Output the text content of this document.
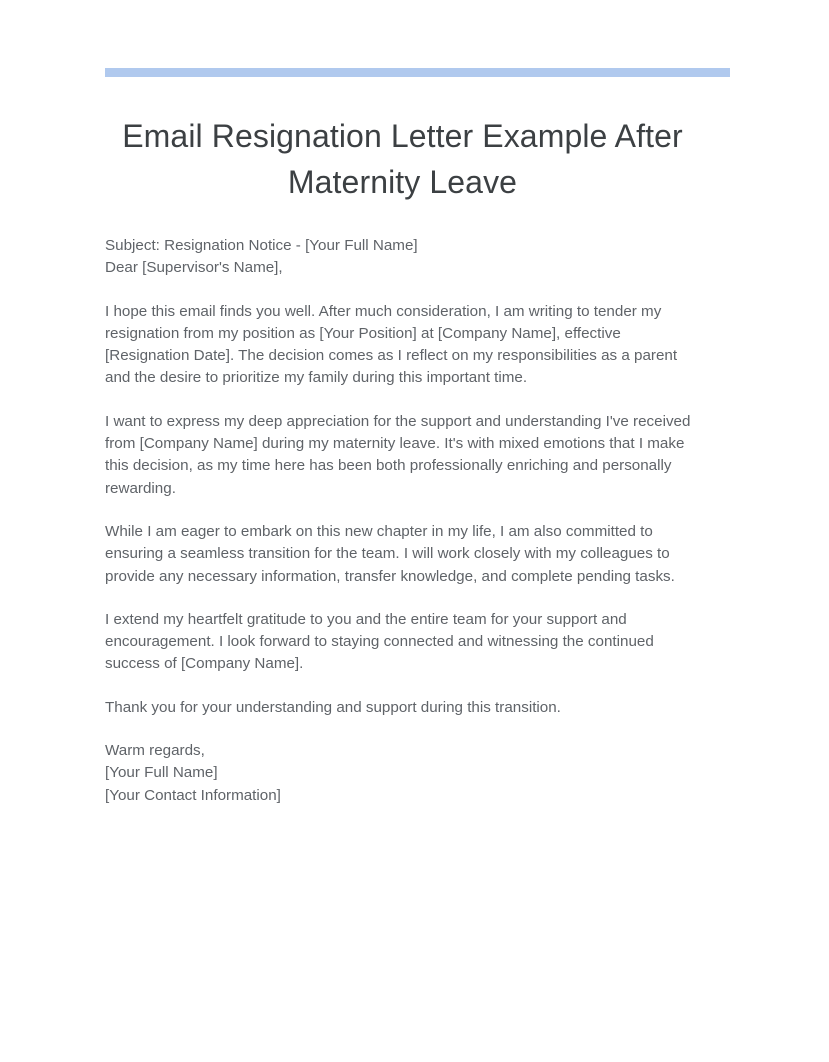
Email Resignation Letter Example After Maternity Leave
Subject: Resignation Notice - [Your Full Name]
Dear [Supervisor's Name],

I hope this email finds you well. After much consideration, I am writing to tender my resignation from my position as [Your Position] at [Company Name], effective [Resignation Date]. The decision comes as I reflect on my responsibilities as a parent and the desire to prioritize my family during this important time.

I want to express my deep appreciation for the support and understanding I've received from [Company Name] during my maternity leave. It's with mixed emotions that I make this decision, as my time here has been both professionally enriching and personally rewarding.

While I am eager to embark on this new chapter in my life, I am also committed to ensuring a seamless transition for the team. I will work closely with my colleagues to provide any necessary information, transfer knowledge, and complete pending tasks.

I extend my heartfelt gratitude to you and the entire team for your support and encouragement. I look forward to staying connected and witnessing the continued success of [Company Name].

Thank you for your understanding and support during this transition.

Warm regards,
[Your Full Name]
[Your Contact Information]
